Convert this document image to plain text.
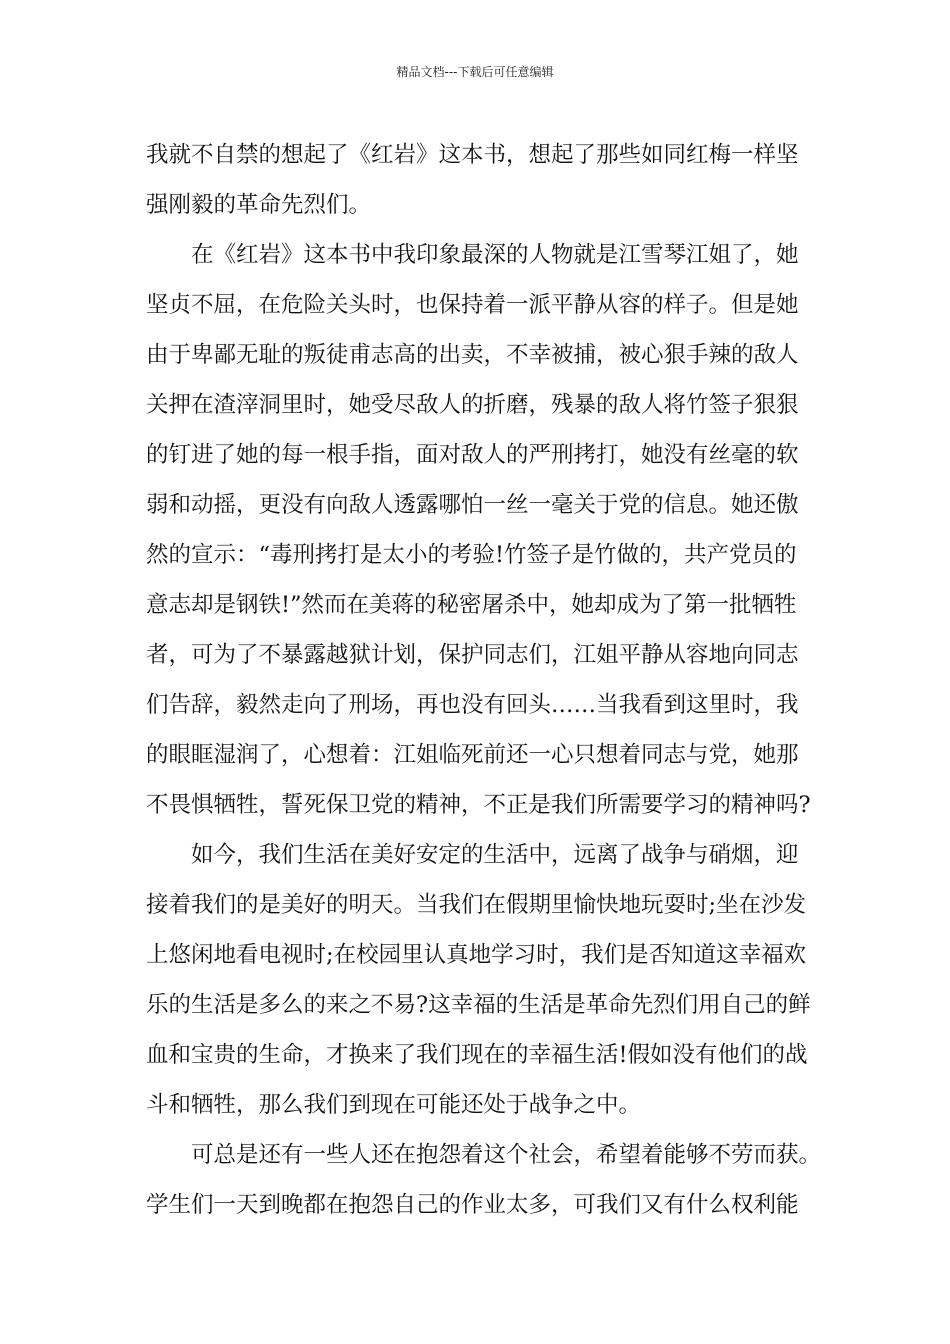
精品文档---下载后可任意编辑
我就不自禁的想起了《红岩》这本书，想起了那些如同红梅一样坚
强刚毅的革命先烈们。
在《红岩》这本书中我印象最深的人物就是江雪琴江姐了，她
坚贞不屈，在危险关头时，也保持着一派平静从容的样子。但是她
由于卑鄙无耻的叛徒甫志高的出卖，不幸被捕，被心狠手辣的敌人
关押在渣滓洞里时，她受尽敌人的折磨，残暴的敌人将竹签子狠狠
的钉进了她的每一根手指，面对敌人的严刑拷打，她没有丝毫的软
弱和动摇，更没有向敌人透露哪怕一丝一毫关于党的信息。她还傲
然的宣示：“毒刑拷打是太小的考验!竹签子是竹做的，共产党员的
意志却是钢铁!”然而在美蒋的秘密屠杀中，她却成为了第一批牺牲
者，可为了不暴露越狱计划，保护同志们，江姐平静从容地向同志
们告辞，毅然走向了刑场，再也没有回头……当我看到这里时，我
的眼眶湿润了，心想着：江姐临死前还一心只想着同志与党，她那
不畏惧牺牲，誓死保卫党的精神，不正是我们所需要学习的精神吗?
如今，我们生活在美好安定的生活中，远离了战争与硝烟，迎
接着我们的是美好的明天。当我们在假期里愉快地玩耍时;坐在沙发
上悠闲地看电视时;在校园里认真地学习时，我们是否知道这幸福欢
乐的生活是多么的来之不易?这幸福的生活是革命先烈们用自己的鲜
血和宝贵的生命，才换来了我们现在的幸福生活!假如没有他们的战
斗和牺牲，那么我们到现在可能还处于战争之中。
可总是还有一些人还在抱怨着这个社会，希望着能够不劳而获。
学生们一天到晚都在抱怨自己的作业太多，可我们又有什么权利能
